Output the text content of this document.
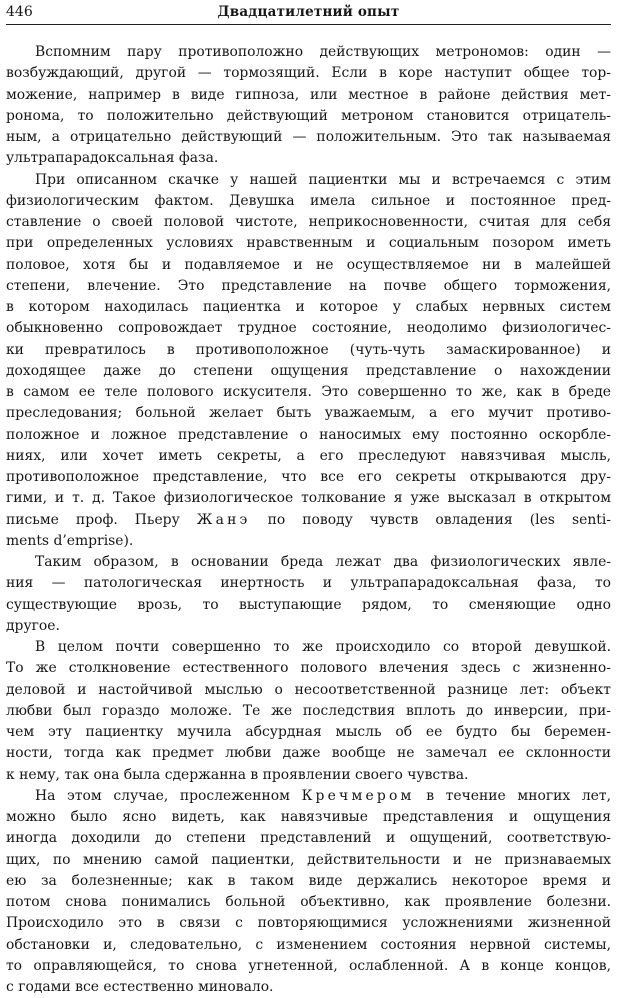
446	Двадцатилетний опыт
Вспомним пару противоположно действующих метрономов: один —
возбуждающий, другой — тормозящий. Если в коре наступит общее тор-
можение, например в виде гипноза, или местное в районе действия мет-
ронома, то положительно действующий метроном становится отрицатель-
ным, а отрицательно действующий — положительным. Это так называемая
ультрапарадоксальная фаза.
При описанном скачке у нашей пациентки мы и встречаемся с этим
физиологическим фактом. Девушка имела сильное и постоянное пред-
ставление о своей половой чистоте, неприкосновенности, считая для себя
при определенных условиях нравственным и социальным позором иметь
половое, хотя бы и подавляемое и не осуществляемое ни в малейшей
степени, влечение. Это представление на почве общего торможения,
в котором находилась пациентка и которое у слабых нервных систем
обыкновенно сопровождает трудное состояние, неодолимо физиологичес-
ки превратилось в противоположное (чуть-чуть замаскированное) и
доходящее даже до степени ощущения представление о нахождении
в самом ее теле полового искусителя. Это совершенно то же, как в бреде
преследования; больной желает быть уважаемым, а его мучит противо-
положное и ложное представление о наносимых ему постоянно оскорбле-
ниях, или хочет иметь секреты, а его преследуют навязчивая мысль,
противоположное представление, что все его секреты открываются дру-
гими, и т. д. Такое физиологическое толкование я уже высказал в открытом
письме проф. Пьеру Жанэ по поводу чувств овладения (les senti-
ments d’emprise).
Таким образом, в основании бреда лежат два физиологических явле-
ния — патологическая инертность и ультрапарадоксальная фаза, то
существующие врозь, то выступающие рядом, то сменяющие одно
другое.
В целом почти совершенно то же происходило со второй девушкой.
То же столкновение естественного полового влечения здесь с жизненно-
деловой и настойчивой мыслью о несоответственной разнице лет: объект
любви был гораздо моложе. Те же последствия вплоть до инверсии, при-
чем эту пациентку мучила абсурдная мысль об ее будто бы беремен-
ности, тогда как предмет любви даже вообще не замечал ее склонности
к нему, так она была сдержанна в проявлении своего чувства.
На этом случае, прослеженном Кречмером в течение многих лет,
можно было ясно видеть, как навязчивые представления и ощущения
иногда доходили до степени представлений и ощущений, соответствую-
щих, по мнению самой пациентки, действительности и не признаваемых
ею за болезненные; как в таком виде держались некоторое время и
потом снова понимались больной объективно, как проявление болезни.
Происходило это в связи с повторяющимися усложнениями жизненной
обстановки и, следовательно, с изменением состояния нервной системы,
то оправляющейся, то снова угнетенной, ослабленной. А в конце концов,
с годами все естественно миновало.
